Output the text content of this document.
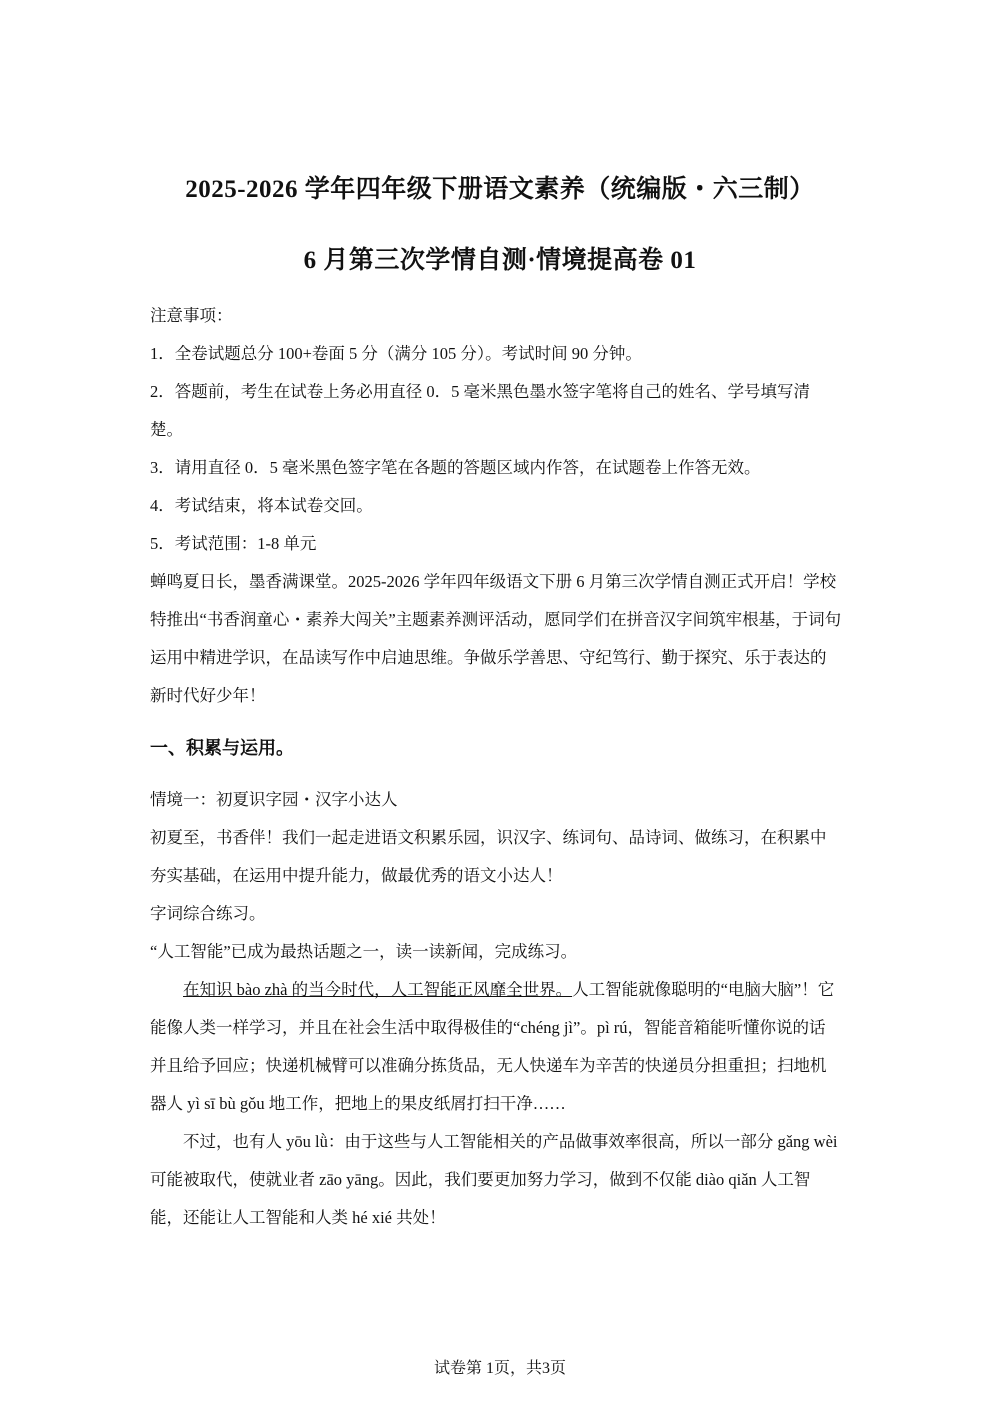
2025-2026 学年四年级下册语文素养（统编版・六三制）
6 月第三次学情自测·情境提高卷 01

注意事项：

1．全卷试题总分 100+卷面 5 分（满分 105 分）。考试时间 90 分钟。

2．答题前，考生在试卷上务必用直径 0．5 毫米黑色墨水签字笔将自己的姓名、学号填写清楚。

3．请用直径 0．5 毫米黑色签字笔在各题的答题区域内作答，在试题卷上作答无效。

4．考试结束，将本试卷交回。

5．考试范围：1-8 单元

蝉鸣夏日长，墨香满课堂。2025-2026 学年四年级语文下册 6 月第三次学情自测正式开启！学校特推出“书香润童心・素养大闯关”主题素养测评活动，愿同学们在拼音汉字间筑牢根基，于词句运用中精进学识，在品读写作中启迪思维。争做乐学善思、守纪笃行、勤于探究、乐于表达的新时代好少年！

一、积累与运用。

情境一：初夏识字园・汉字小达人

初夏至，书香伴！我们一起走进语文积累乐园，识汉字、练词句、品诗词、做练习，在积累中夯实基础，在运用中提升能力，做最优秀的语文小达人！

字词综合练习。

“人工智能”已成为最热话题之一，读一读新闻，完成练习。

在知识 bào zhà 的当今时代，人工智能正风靡全世界。人工智能就像聪明的“电脑大脑”！它能像人类一样学习，并且在社会生活中取得极佳的“chéng jì”。pì rú，智能音箱能听懂你说的话并且给予回应；快递机械臂可以准确分拣货品，无人快递车为辛苦的快递员分担重担；扫地机器人 yì sī bù gǒu 地工作，把地上的果皮纸屑打扫干净……

不过，也有人 yōu lǜ：由于这些与人工智能相关的产品做事效率很高，所以一部分 gǎng wèi 可能被取代，使就业者 zāo yāng。因此，我们要更加努力学习，做到不仅能 diào qiǎn 人工智能，还能让人工智能和人类 hé xié 共处！

试卷第 1页，共3页
